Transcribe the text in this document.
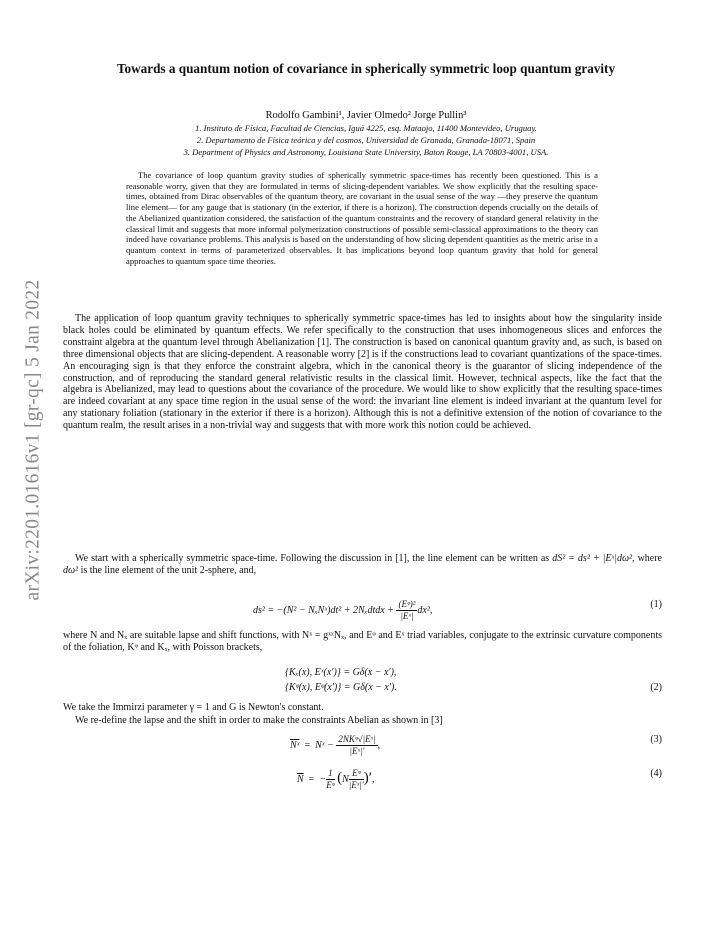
arXiv:2201.01616v1 [gr-qc] 5 Jan 2022
Towards a quantum notion of covariance in spherically symmetric loop quantum gravity
Rodolfo Gambini¹, Javier Olmedo² Jorge Pullin³
1. Instituto de Física, Facultad de Ciencias, Iguá 4225, esq. Mataojo, 11400 Montevideo, Uruguay.
2. Departamento de Física teórica y del cosmos, Universidad de Granada, Granada-18071, Spain
3. Department of Physics and Astronomy, Louisiana State University, Baton Rouge, LA 70803-4001, USA.

The covariance of loop quantum gravity studies of spherically symmetric space-times has recently been questioned. This is a reasonable worry, given that they are formulated in terms of slicing-dependent variables. We show explicitly that the resulting space-times, obtained from Dirac observables of the quantum theory, are covariant in the usual sense of the way —they preserve the quantum line element— for any gauge that is stationary (in the exterior, if there is a horizon). The construction depends crucially on the details of the Abelianized quantization considered, the satisfaction of the quantum constraints and the recovery of standard general relativity in the classical limit and suggests that more informal polymerization constructions of possible semi-classical approximations to the theory can indeed have covariance problems. This analysis is based on the understanding of how slicing dependent quantities as the metric arise in a quantum context in terms of parameterized observables. It has implications beyond loop quantum gravity that hold for general approaches to quantum space time theories.

The application of loop quantum gravity techniques to spherically symmetric space-times has led to insights about how the singularity inside black holes could be eliminated by quantum effects. We refer specifically to the construction that uses inhomogeneous slices and enforces the constraint algebra at the quantum level through Abelianization [1]. The construction is based on canonical quantum gravity and, as such, is based on three dimensional objects that are slicing-dependent. A reasonable worry [2] is if the constructions lead to covariant quantizations of the space-times. An encouraging sign is that they enforce the constraint algebra, which in the canonical theory is the guarantor of slicing independence of the construction, and of reproducing the standard general relativistic results in the classical limit. However, technical aspects, like the fact that the algebra is Abelianized, may lead to questions about the covariance of the procedure. We would like to show explicitly that the resulting space-times are indeed covariant at any space time region in the usual sense of the word: the invariant line element is indeed invariant at the quantum level for any stationary foliation (stationary in the exterior if there is a horizon). Although this is not a definitive extension of the notion of covariance to the quantum realm, the result arises in a non-trivial way and suggests that with more work this notion could be achieved.

We start with a spherically symmetric space-time. Following the discussion in [1], the line element can be written as dS² = ds² + |Eˣ|dω², where dω² is the line element of the unit 2-sphere, and,

ds² = −(N² − NₓNˣ)dt² + 2Nₓdtdx + $\frac{\text{(Eᵠ)²}}{\text{|Eˣ|}} dx^2$,
(1)

where N and Nₓ are suitable lapse and shift functions, with Nˣ = gˣˣNₓ, and Eᵠ and Eˣ triad variables, conjugate to the extrinsic curvature components of the foliation, Kᵠ and Kₓ, with Poisson brackets,

{Kₓ(x), Eˣ(x′)} = Gδ(x − x′),
{Kᵠ(x), Eᵠ(x′)} = Gδ(x − x′).	(2)

We take the Immirzi parameter γ = 1 and G is Newton's constant.

We re-define the lapse and the shift in order to make the constraints Abelian as shown in [3]

$\overline{Nˣ}$ = Nˣ − $\frac{\text{2NKᵠ√|Eˣ|}}{\text{|Eˣ|′}}$ ,
(3)
$\overline{N}$ = − $\frac{1}{\text{Eᵠ}} (N \frac{\text{Eᵠ}}{\text{|Eˣ|′}}$ )′,
(4)
